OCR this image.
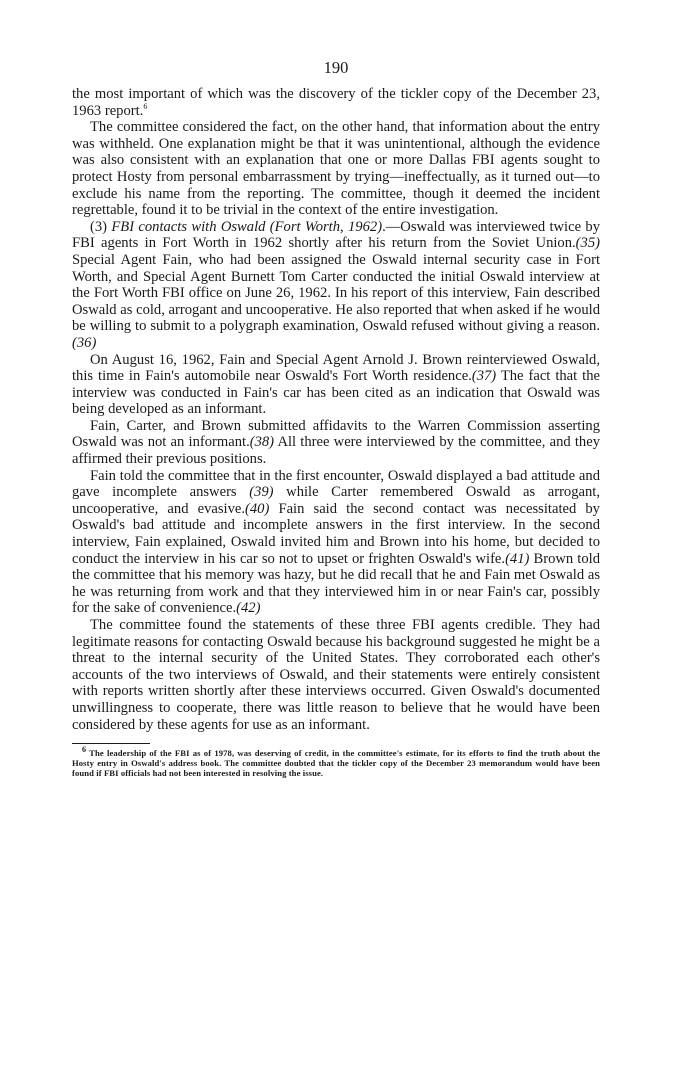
190

the most important of which was the discovery of the tickler copy of the December 23, 1963 report.$^6$

The committee considered the fact, on the other hand, that information about the entry was withheld. One explanation might be that it was unintentional, although the evidence was also consistent with an explanation that one or more Dallas FBI agents sought to protect Hosty from personal embarrassment by trying—ineffectually, as it turned out—to exclude his name from the reporting. The committee, though it deemed the incident regrettable, found it to be trivial in the context of the entire investigation.

(3) FBI contacts with Oswald (Fort Worth, 1962).—Oswald was interviewed twice by FBI agents in Fort Worth in 1962 shortly after his return from the Soviet Union.(35) Special Agent Fain, who had been assigned the Oswald internal security case in Fort Worth, and Special Agent Burnett Tom Carter conducted the initial Oswald interview at the Fort Worth FBI office on June 26, 1962. In his report of this interview, Fain described Oswald as cold, arrogant and uncooperative. He also reported that when asked if he would be willing to submit to a polygraph examination, Oswald refused without giving a reason.(36)

On August 16, 1962, Fain and Special Agent Arnold J. Brown reinterviewed Oswald, this time in Fain's automobile near Oswald's Fort Worth residence.(37) The fact that the interview was conducted in Fain's car has been cited as an indication that Oswald was being developed as an informant.

Fain, Carter, and Brown submitted affidavits to the Warren Commission asserting Oswald was not an informant.(38) All three were interviewed by the committee, and they affirmed their previous positions.

Fain told the committee that in the first encounter, Oswald displayed a bad attitude and gave incomplete answers (39) while Carter remembered Oswald as arrogant, uncooperative, and evasive.(40) Fain said the second contact was necessitated by Oswald's bad attitude and incomplete answers in the first interview. In the second interview, Fain explained, Oswald invited him and Brown into his home, but decided to conduct the interview in his car so not to upset or frighten Oswald's wife.(41) Brown told the committee that his memory was hazy, but he did recall that he and Fain met Oswald as he was returning from work and that they interviewed him in or near Fain's car, possibly for the sake of convenience.(42)

The committee found the statements of these three FBI agents credible. They had legitimate reasons for contacting Oswald because his background suggested he might be a threat to the internal security of the United States. They corroborated each other's accounts of the two interviews of Oswald, and their statements were entirely consistent with reports written shortly after these interviews occurred. Given Oswald's documented unwillingness to cooperate, there was little reason to believe that he would have been considered by these agents for use as an informant.

$^6$ The leadership of the FBI as of 1978, was deserving of credit, in the committee's estimate, for its efforts to find the truth about the Hosty entry in Oswald's address book. The committee doubted that the tickler copy of the December 23 memorandum would have been found if FBI officials had not been interested in resolving the issue.
